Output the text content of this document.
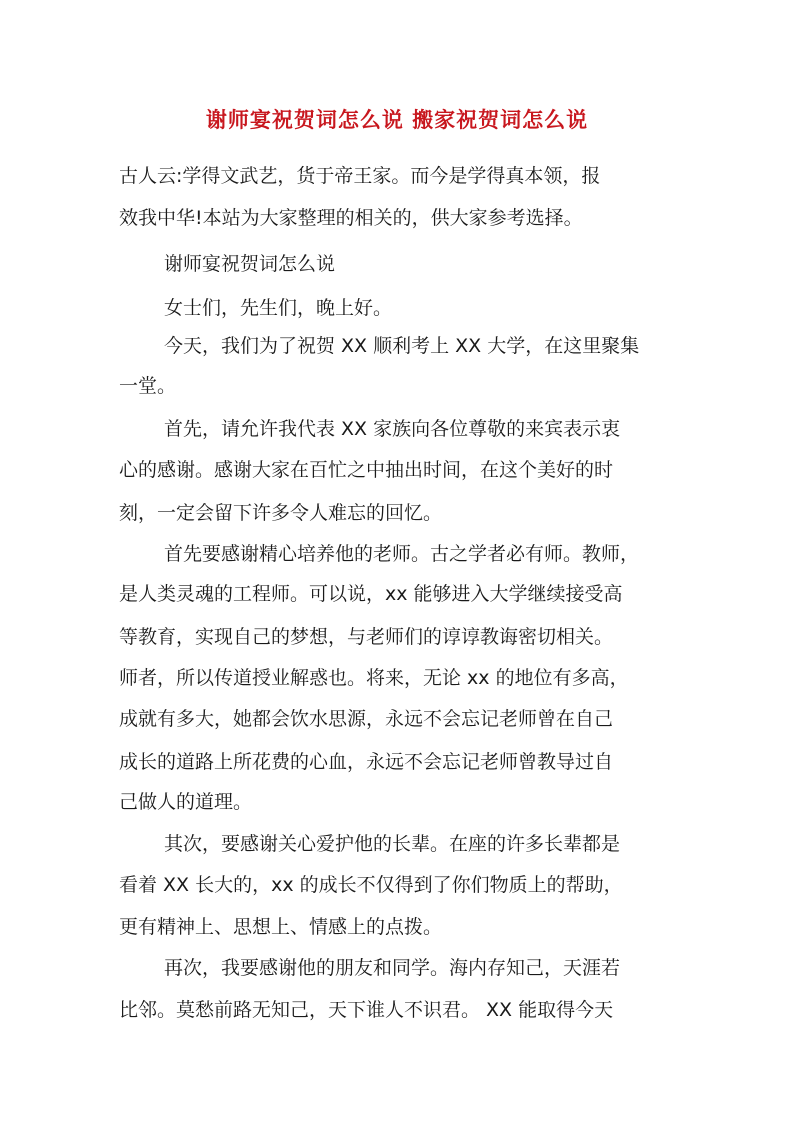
谢师宴祝贺词怎么说 搬家祝贺词怎么说
古人云:学得文武艺，货于帝王家。而今是学得真本领，报
效我中华!本站为大家整理的相关的，供大家参考选择。
谢师宴祝贺词怎么说
女士们，先生们，晚上好。
今天，我们为了祝贺 XX 顺利考上 XX 大学，在这里聚集
一堂。
首先，请允许我代表 XX 家族向各位尊敬的来宾表示衷
心的感谢。感谢大家在百忙之中抽出时间，在这个美好的时
刻，一定会留下许多令人难忘的回忆。
首先要感谢精心培养他的老师。古之学者必有师。教师，
是人类灵魂的工程师。可以说，xx 能够进入大学继续接受高
等教育，实现自己的梦想，与老师们的谆谆教诲密切相关。
师者，所以传道授业解惑也。将来，无论 xx 的地位有多高，
成就有多大，她都会饮水思源，永远不会忘记老师曾在自己
成长的道路上所花费的心血，永远不会忘记老师曾教导过自
己做人的道理。
其次，要感谢关心爱护他的长辈。在座的许多长辈都是
看着 XX 长大的，xx 的成长不仅得到了你们物质上的帮助，
更有精神上、思想上、情感上的点拨。
再次，我要感谢他的朋友和同学。海内存知己，天涯若
比邻。莫愁前路无知己，天下谁人不识君。 XX 能取得今天
